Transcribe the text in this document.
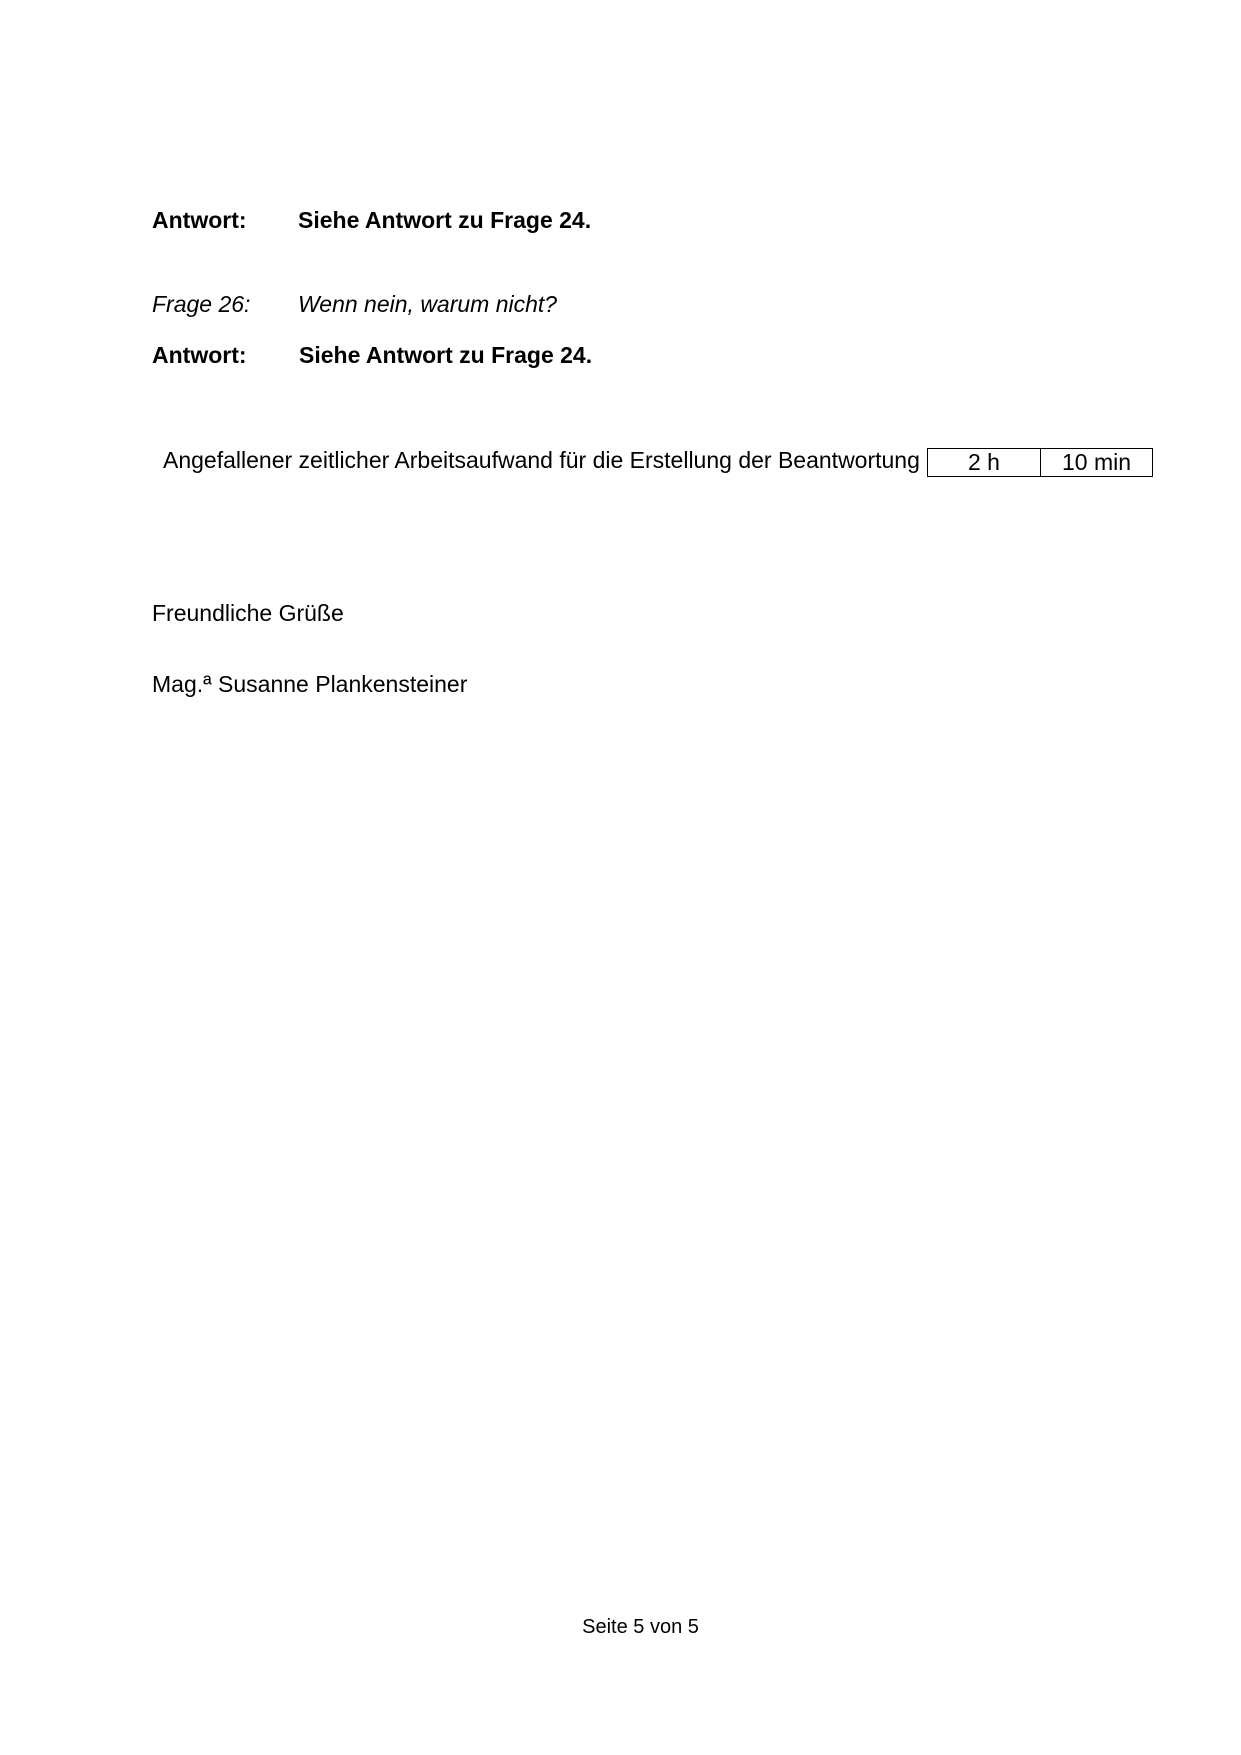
Antwort: Siehe Antwort zu Frage 24.
Frage 26: Wenn nein, warum nicht?
Antwort: Siehe Antwort zu Frage 24.
Angefallener zeitlicher Arbeitsaufwand für die Erstellung der Beantwortung 2 h	10 min
Freundliche Grüße
Mag.ª Susanne Plankensteiner
Seite 5 von 5
